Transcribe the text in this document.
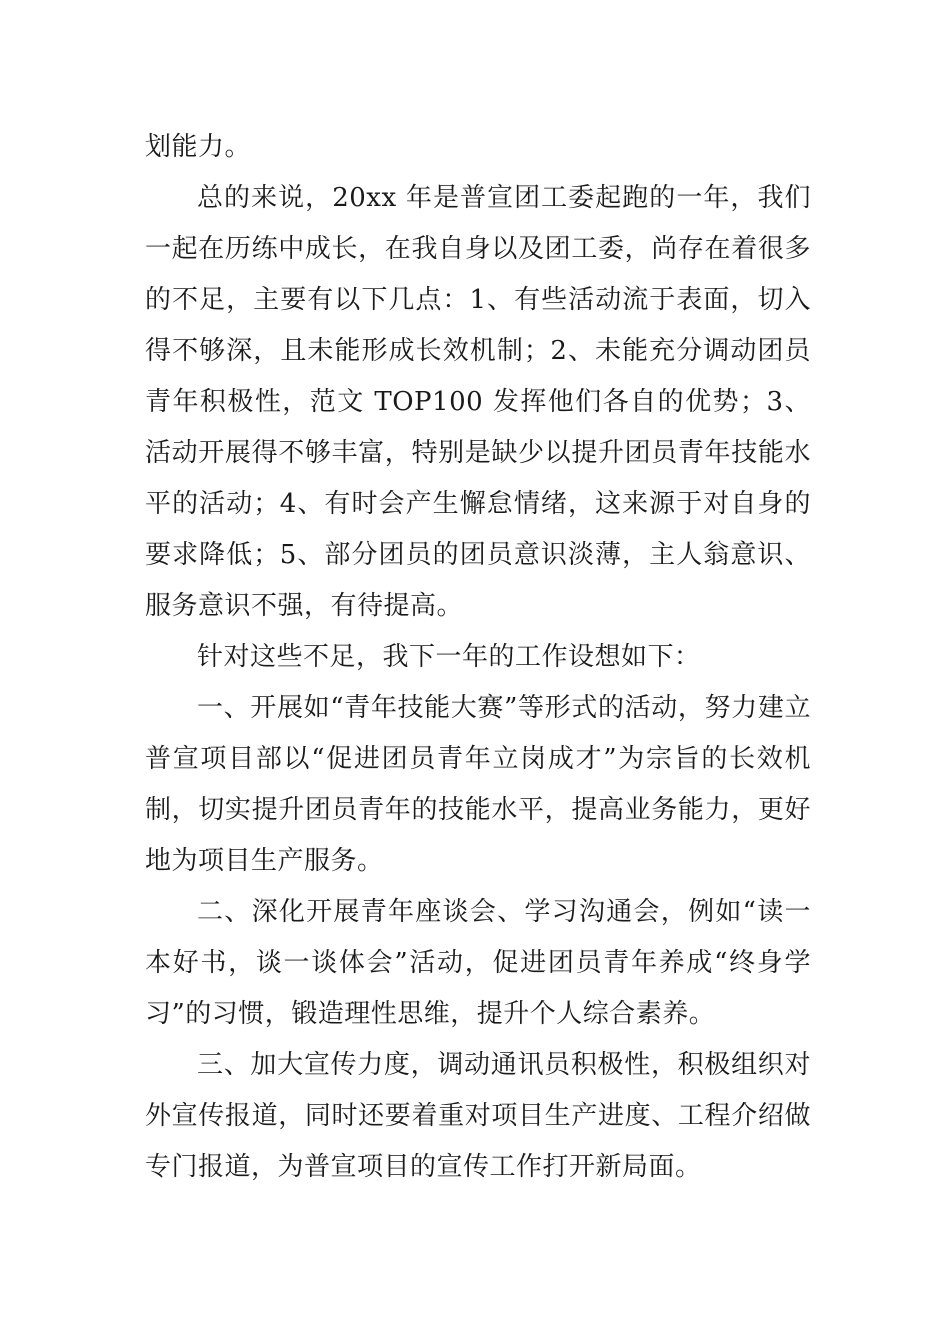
划能力。

总的来说，20xx 年是普宣团工委起跑的一年，我们一起在历练中成长，在我自身以及团工委，尚存在着很多的不足，主要有以下几点：1、有些活动流于表面，切入得不够深，且未能形成长效机制；2、未能充分调动团员青年积极性，范文 TOP100 发挥他们各自的优势；3、活动开展得不够丰富，特别是缺少以提升团员青年技能水平的活动；4、有时会产生懈怠情绪，这来源于对自身的要求降低；5、部分团员的团员意识淡薄，主人翁意识、服务意识不强，有待提高。

针对这些不足，我下一年的工作设想如下：

一、开展如“青年技能大赛”等形式的活动，努力建立普宣项目部以“促进团员青年立岗成才”为宗旨的长效机制，切实提升团员青年的技能水平，提高业务能力，更好地为项目生产服务。

二、深化开展青年座谈会、学习沟通会，例如“读一本好书，谈一谈体会”活动，促进团员青年养成“终身学习”的习惯，锻造理性思维，提升个人综合素养。

三、加大宣传力度，调动通讯员积极性，积极组织对外宣传报道，同时还要着重对项目生产进度、工程介绍做专门报道，为普宣项目的宣传工作打开新局面。
